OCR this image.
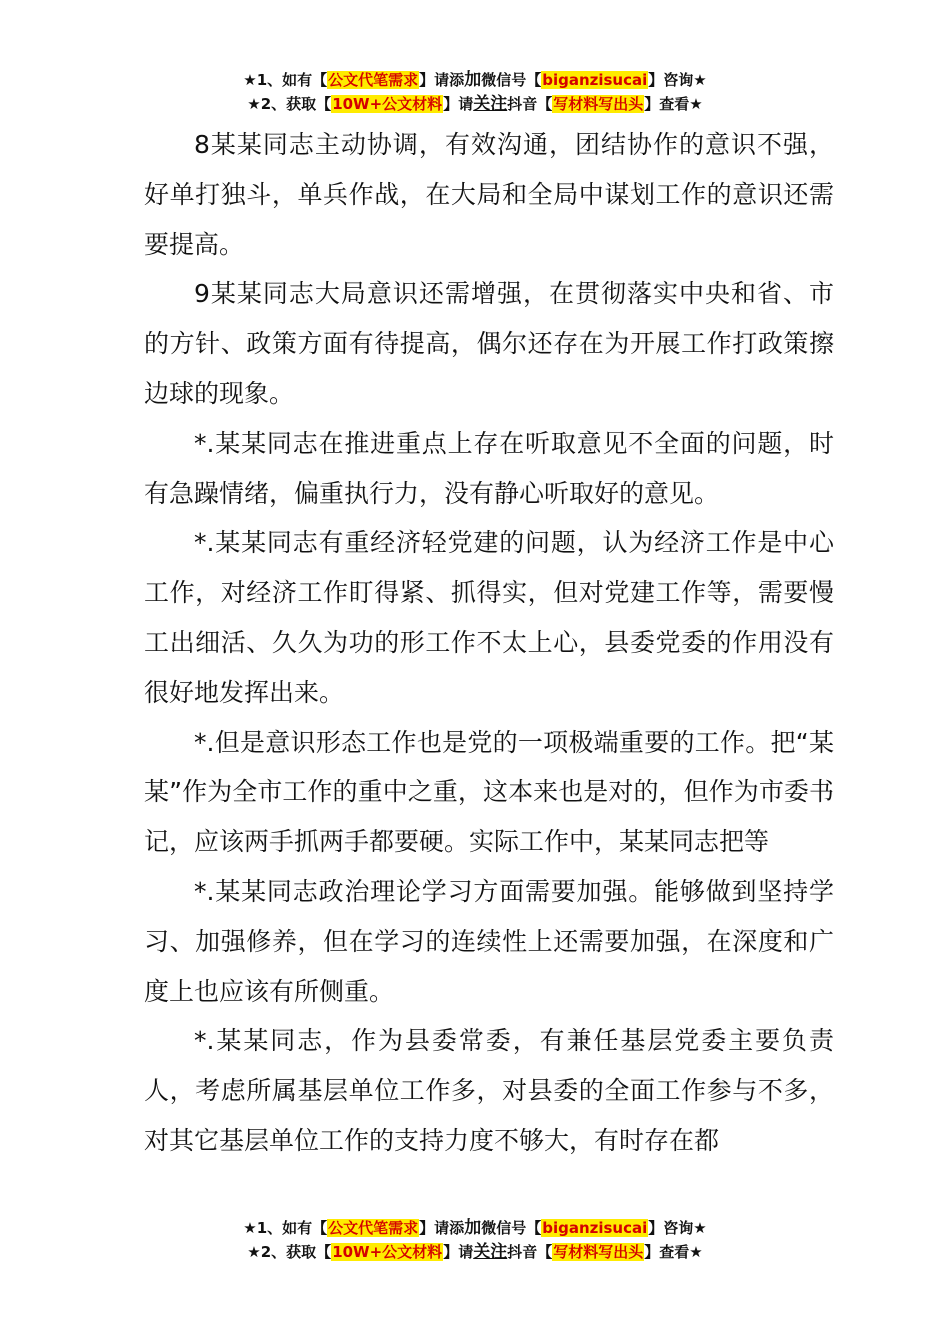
★1、如有【公文代笔需求】请添加微信号【biganzisucai】咨询★
★2、获取【10W+公文材料】请关注抖音【写材料写出头】查看★

8某某同志主动协调，有效沟通，团结协作的意识不强，好单打独斗，单兵作战，在大局和全局中谋划工作的意识还需要提高。

9某某同志大局意识还需增强，在贯彻落实中央和省、市的方针、政策方面有待提高，偶尔还存在为开展工作打政策擦边球的现象。

*.某某同志在推进重点上存在听取意见不全面的问题，时有急躁情绪，偏重执行力，没有静心听取好的意见。

*.某某同志有重经济轻党建的问题，认为经济工作是中心工作，对经济工作盯得紧、抓得实，但对党建工作等，需要慢工出细活、久久为功的形工作不太上心，县委党委的作用没有很好地发挥出来。

*.但是意识形态工作也是党的一项极端重要的工作。把“某某”作为全市工作的重中之重，这本来也是对的，但作为市委书记，应该两手抓两手都要硬。实际工作中，某某同志把等

*.某某同志政治理论学习方面需要加强。能够做到坚持学习、加强修养，但在学习的连续性上还需要加强，在深度和广度上也应该有所侧重。

*.某某同志，作为县委常委，有兼任基层党委主要负责人，考虑所属基层单位工作多，对县委的全面工作参与不多，对其它基层单位工作的支持力度不够大，有时存在都

★1、如有【公文代笔需求】请添加微信号【biganzisucai】咨询★
★2、获取【10W+公文材料】请关注抖音【写材料写出头】查看★
